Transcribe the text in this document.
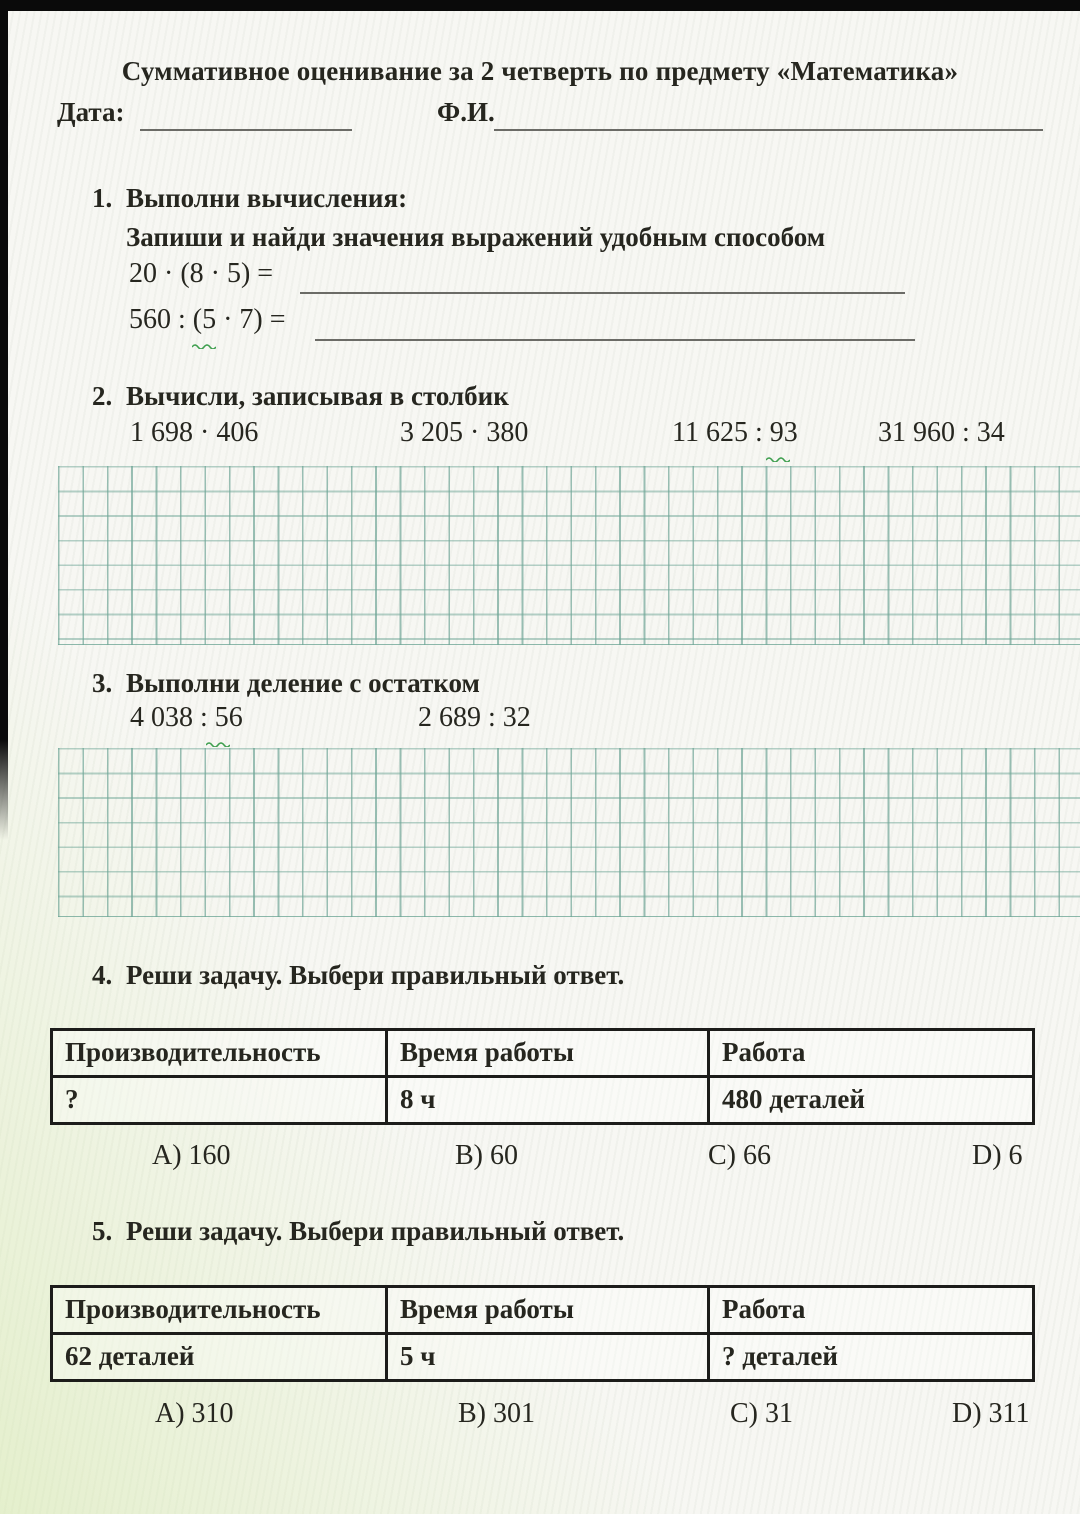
Суммативное оценивание за 2 четверть по предмету «Математика»
Дата:	Ф.И.
1. Выполни вычисления:
Запиши и найди значения выражений удобным способом
20 · (8 · 5) =
560 : (5 · 7) =
2. Вычисли, записывая в столбик
1 698 · 406	3 205 · 380	11 625 : 93	31 960 : 34
3. Выполни деление с остатком
4 038 : 56	2 689 : 32
4. Реши задачу. Выбери правильный ответ.
Производительность	Время работы	Работа
?	8 ч	480 деталей
А) 160	В) 60	С) 66	D) 6
5. Реши задачу. Выбери правильный ответ.
Производительность	Время работы	Работа
62 деталей	5 ч	? деталей
А) 310	В) 301	С) 31	D) 311
